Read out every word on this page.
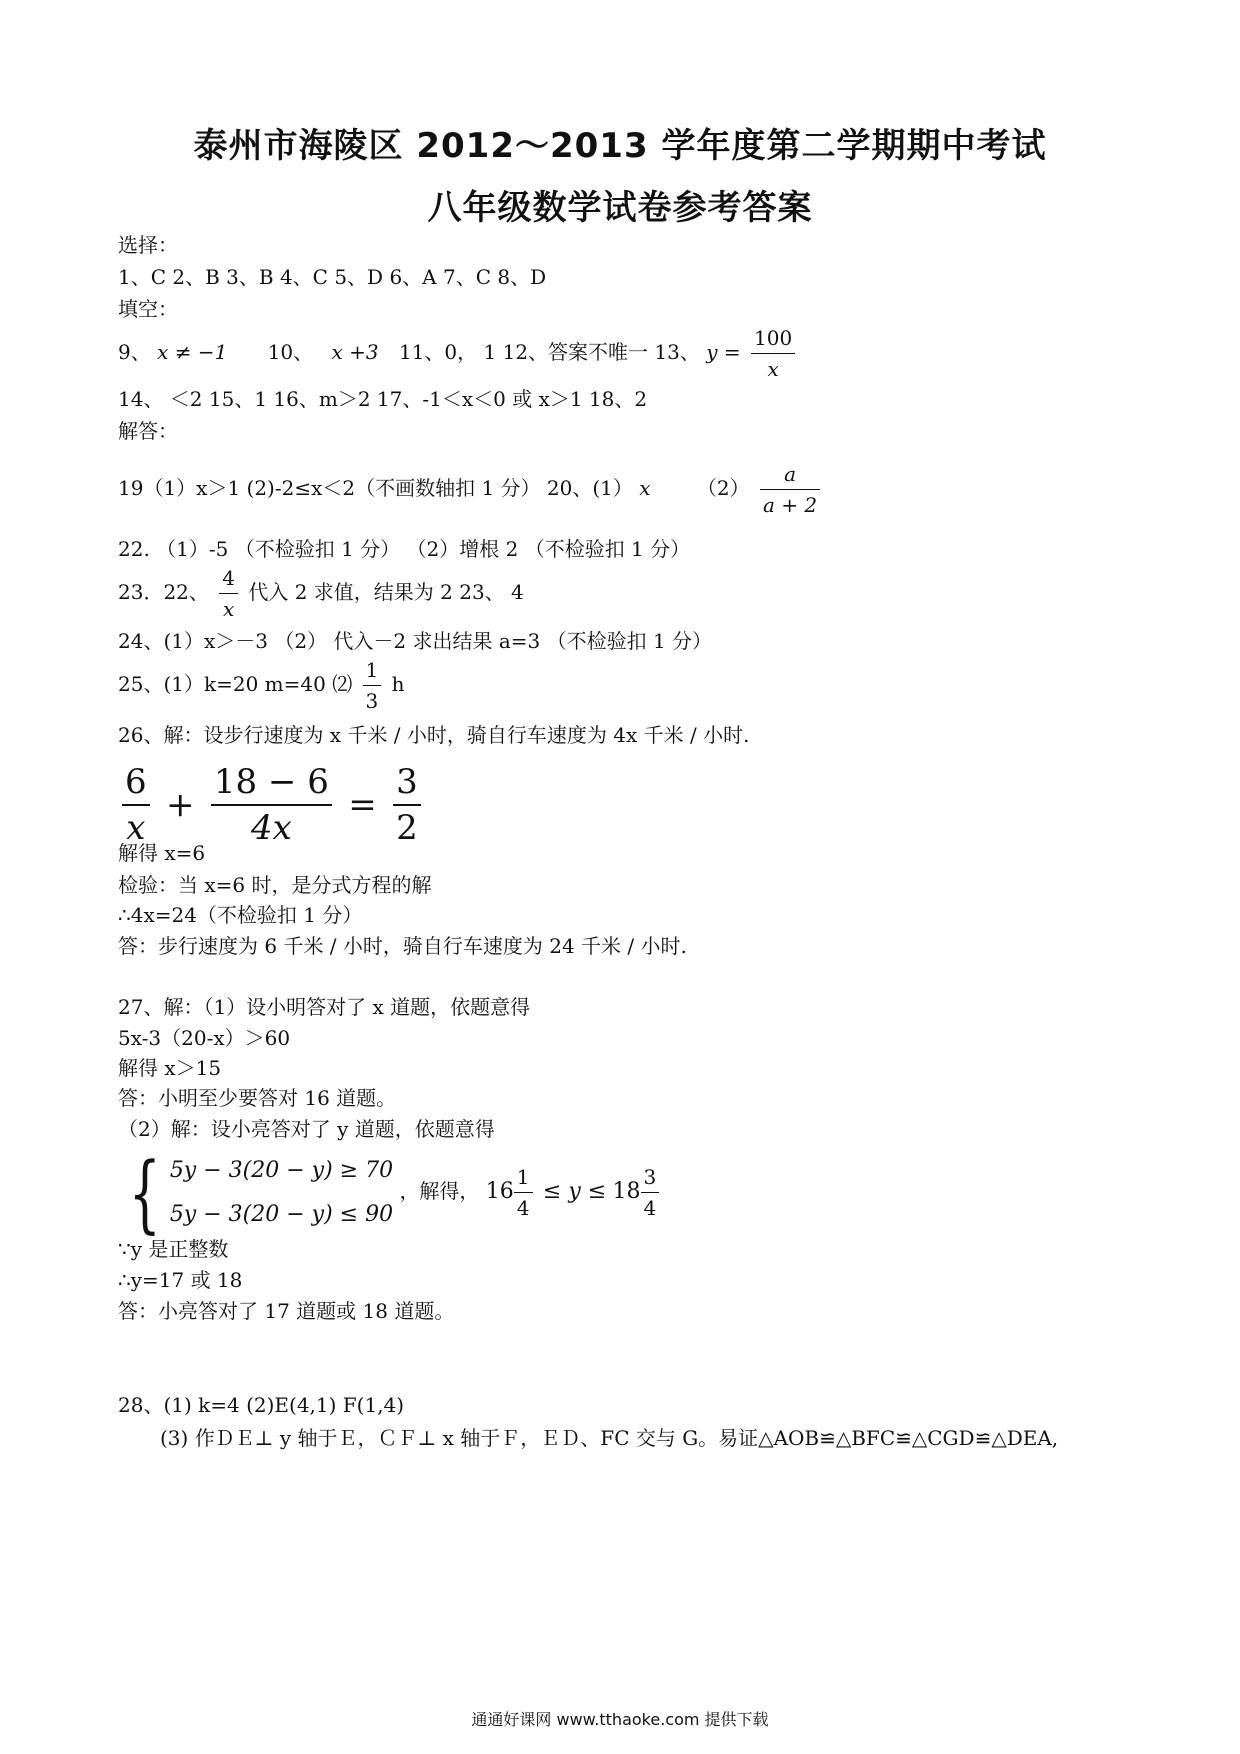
泰州市海陵区 2012～2013 学年度第二学期期中考试
八年级数学试卷参考答案
选择：
1、C 2、B 3、B 4、C 5、D 6、A 7、C 8、D
填空：
9、 x ≠ −1 10、 x +3 11、0， 1 12、答案不唯一 13、 $y = \frac{100}{x}$
14、 ＜2 15、1 16、m＞2 17、-1＜x＜0 或 x＞1 18、2
解答：
19（1）x＞1 (2)-2≤x＜2（不画数轴扣 1 分） 20、(1） x $(2) \frac{a}{a + 2}$
22. （1）-5 （不检验扣 1 分） （2）增根 2 （不检验扣 1 分）
23．22、 $\frac{4}{x}$ 代入 2 求值，结果为 2 23、 4
24、(1）x＞－3 （2） 代入－2 求出结果 a=3 （不检验扣 1 分）
25、(1）k=20 m=40 ⑵ $\frac{1}{3}$ h
26、解：设步行速度为 x 千米 / 小时，骑自行车速度为 4x 千米 / 小时.
$\frac{6}{x} + \frac{18 - 6}{4x} = \frac{3}{2}$
解得 x=6
检验：当 x=6 时，是分式方程的解
∴4x=24（不检验扣 1 分）
答：步行速度为 6 千米 / 小时，骑自行车速度为 24 千米 / 小时.
27、解：（1）设小明答对了 x 道题，依题意得
5x-3（20-x）＞60
解得 x＞15
答：小明至少要答对 16 道题。
（2）解：设小亮答对了 y 道题，依题意得
{ 5y − 3(20 − y) ≥ 70
5y − 3(20 − y) ≤ 90
，解得， $16 \frac{1}{4} \le y \le 18 \frac{3}{4}$
∵y 是正整数
∴y=17 或 18
答：小亮答对了 17 道题或 18 道题。
28、(1) k=4 (2)E(4,1) F(1,4)
(3) 作ＤＥ⊥ y 轴于Ｅ，ＣＦ⊥ x 轴于Ｆ，ＥＤ、FC 交与 G。易证△AOB≌△BFC≌△CGD≌△DEA,
通通好课网 www.tthaoke.com 提供下载
